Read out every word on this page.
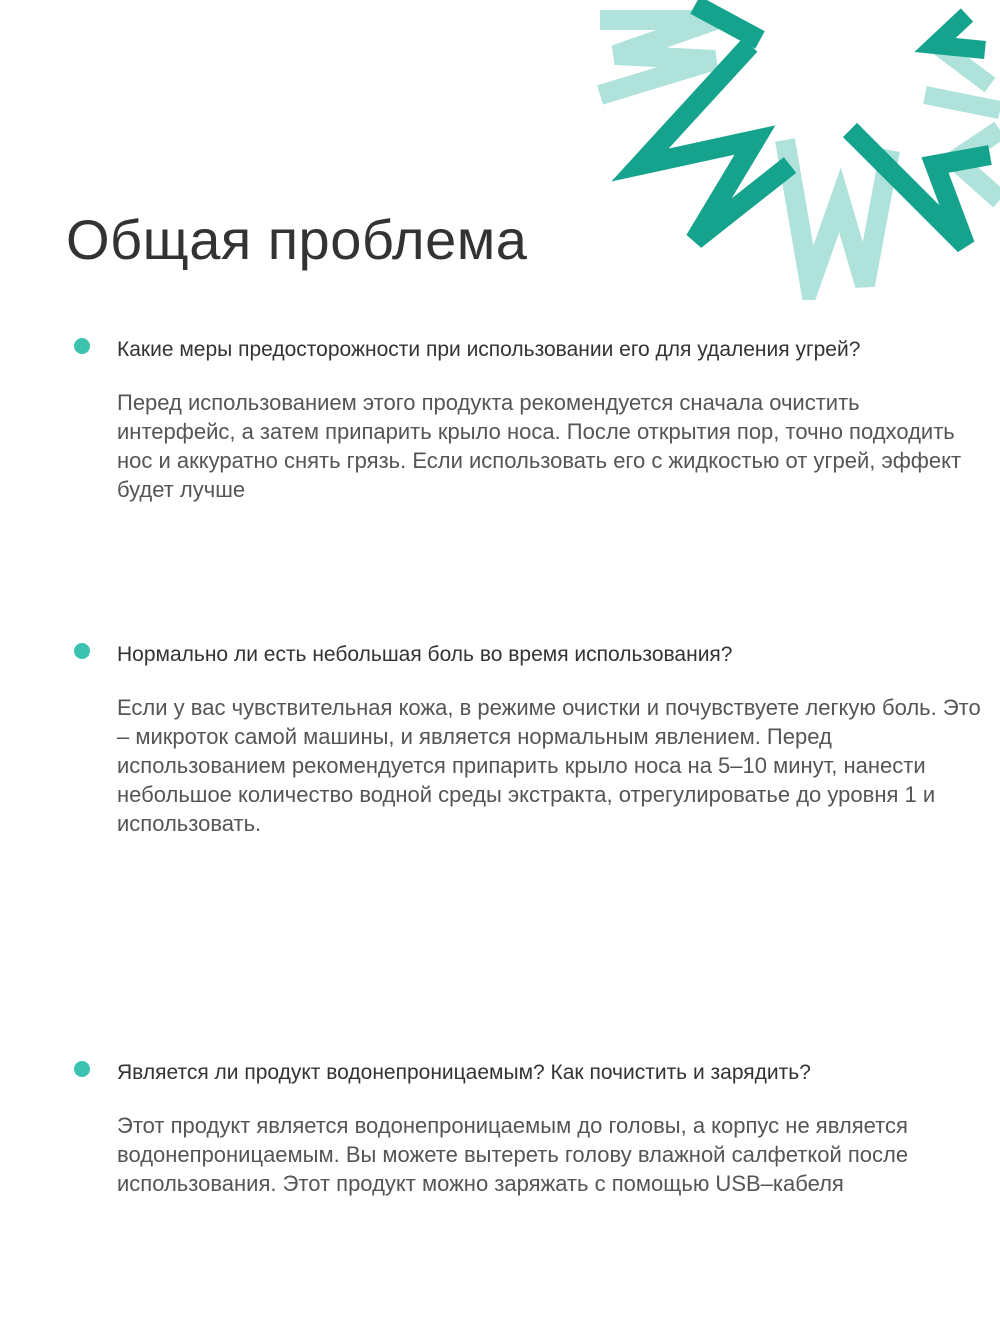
Общая проблема

Какие меры предосторожности при использовании его для удаления угрей?

Перед использованием этого продукта рекомендуется сначала очистить интерфейс, а затем припарить крыло носа. После открытия пор, точно подходить нос и аккуратно снять грязь. Если использовать его с жидкостью от угрей, эффект будет лучше

Нормально ли есть небольшая боль во время использования?

Если у вас чувствительная кожа, в режиме очистки и почувствуете легкую боль. Это – микроток самой машины, и является нормальным явлением. Перед использованием рекомендуется припарить крыло носа на 5–10 минут, нанести небольшое количество водной среды экстракта, отрегулироватье до уровня 1 и использовать.

Является ли продукт водонепроницаемым? Как почистить и зарядить?

Этот продукт является водонепроницаемым до головы, а корпус не является водонепроницаемым. Вы можете вытереть голову влажной салфеткой после использования. Этот продукт можно заряжать с помощью USB–кабеля
